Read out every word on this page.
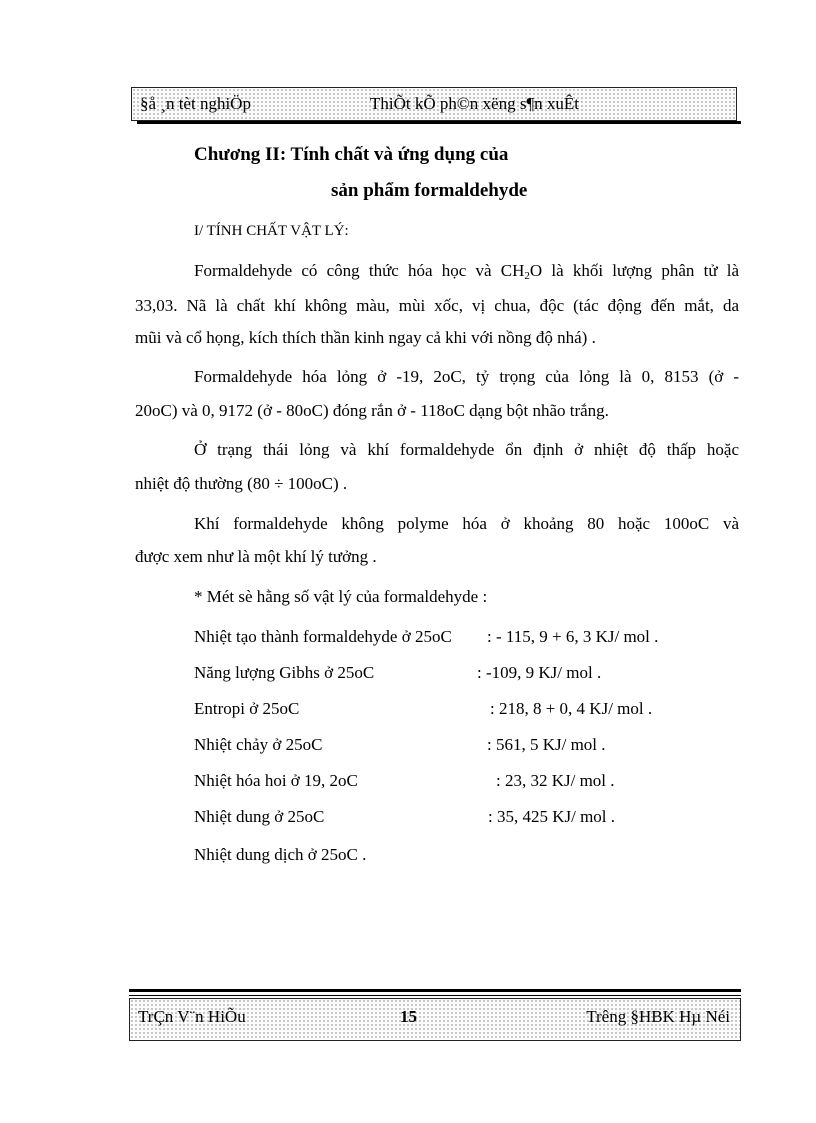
§å ¸n tèt nghiÖp	ThiÕt kÕ ph©n xëng s¶n xuÊt
Chương II: Tính chất và ứng dụng của
sản phẩm formaldehyde
I/ TÍNH CHẤT VẬT LÝ:
Formaldehyde có công thức hóa học và $CH_2O$ là khối lượng phân tử là
33,03. Nã là chất khí không màu, mùi xốc, vị chua, độc (tác động đến mắt, da
mũi và cổ họng, kích thích thần kinh ngay cả khi với nồng độ nhá) .
Formaldehyde hóa lỏng ở -19, 2oC, tỷ trọng của lỏng là 0, 8153 (ở -
20oC) và 0, 9172 (ở - 80oC) đóng rắn ở - 118oC dạng bột nhão trắng.
Ở trạng thái lỏng và khí formaldehyde ổn định ở nhiệt độ thấp hoặc
nhiệt độ thường (80 ÷ 100oC) .
Khí formaldehyde không polyme hóa ở khoảng 80 hoặc 100oC và
được xem như là một khí lý tưởng .
* Mét sè hằng số vật lý của formaldehyde :
Nhiệt tạo thành formaldehyde ở 25oC : - 115, 9 + 6, 3 KJ/ mol .
Năng lượng Gibhs ở 25oC	: -109, 9 KJ/ mol .
Entropi ở 25oC	: 218, 8 + 0, 4 KJ/ mol .
Nhiệt chảy ở 25oC	: 561, 5 KJ/ mol .
Nhiệt hóa hoi ở 19, 2oC	: 23, 32 KJ/ mol .
Nhiệt dung ở 25oC	: 35, 425 KJ/ mol .
Nhiệt dung dịch ở 25oC .
TrÇn V¨n HiÕu	15	Trêng §HBK Hµ Néi
